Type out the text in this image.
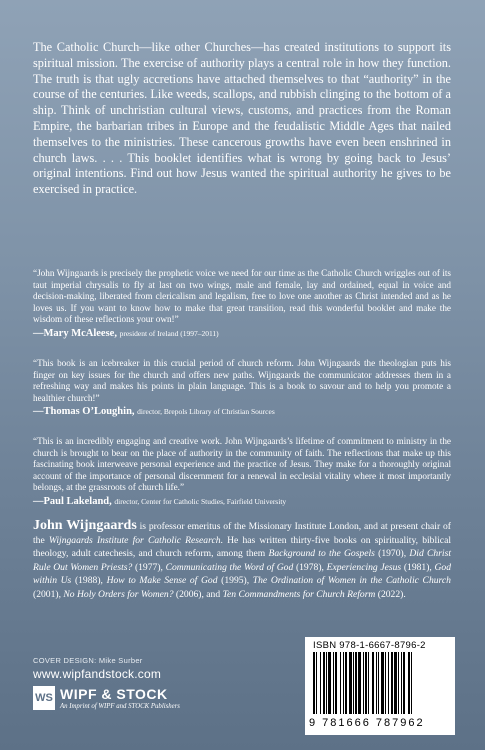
The Catholic Church—like other Churches—has created institutions to support its spiritual mission. The exercise of authority plays a central role in how they function. The truth is that ugly accretions have attached themselves to that “authority” in the course of the centuries. Like weeds, scallops, and rubbish clinging to the bottom of a ship. Think of unchristian cultural views, customs, and practices from the Roman Empire, the barbarian tribes in Europe and the feudalistic Middle Ages that nailed themselves to the ministries. These cancerous growths have even been enshrined in church laws. . . . This booklet identifies what is wrong by going back to Jesus’ original intentions. Find out how Jesus wanted the spiritual authority he gives to be exercised in practice.

“John Wijngaards is precisely the prophetic voice we need for our time as the Catholic Church wriggles out of its taut imperial chrysalis to fly at last on two wings, male and female, lay and ordained, equal in voice and decision-making, liberated from clericalism and legalism, free to love one another as Christ intended and as he loves us. If you want to know how to make that great transition, read this wonderful booklet and make the wisdom of these reflections your own!”

—Mary McAleese, president of Ireland (1997–2011)

“This book is an icebreaker in this crucial period of church reform. John Wijngaards the theologian puts his finger on key issues for the church and offers new paths. Wijngaards the communicator addresses them in a refreshing way and makes his points in plain language. This is a book to savour and to help you promote a healthier church!”

—Thomas O’Loughin, director, Brepols Library of Christian Sources

“This is an incredibly engaging and creative work. John Wijngaards’s lifetime of commitment to ministry in the church is brought to bear on the place of authority in the community of faith. The reflections that make up this fascinating book interweave personal experience and the practice of Jesus. They make for a thoroughly original account of the importance of personal discernment for a renewal in ecclesial vitality where it most importantly belongs, at the grassroots of church life.”

—Paul Lakeland, director, Center for Catholic Studies, Fairfield University

John Wijngaards is professor emeritus of the Missionary Institute London, and at present chair of the Wijngaards Institute for Catholic Research. He has written thirty-five books on spirituality, biblical theology, adult catechesis, and church reform, among them Background to the Gospels (1970), Did Christ Rule Out Women Priests? (1977), Communicating the Word of God (1978), Experiencing Jesus (1981), God within Us (1988), How to Make Sense of God (1995), The Ordination of Women in the Catholic Church (2001), No Holy Orders for Women? (2006), and Ten Commandments for Church Reform (2022).

COVER DESIGN: Mike Surber
www.wipfandstock.com
WS WIPF & STOCK
An Imprint of WIPF and STOCK Publishers
ISBN 978-1-6667-8796-2
9 781666 787962
